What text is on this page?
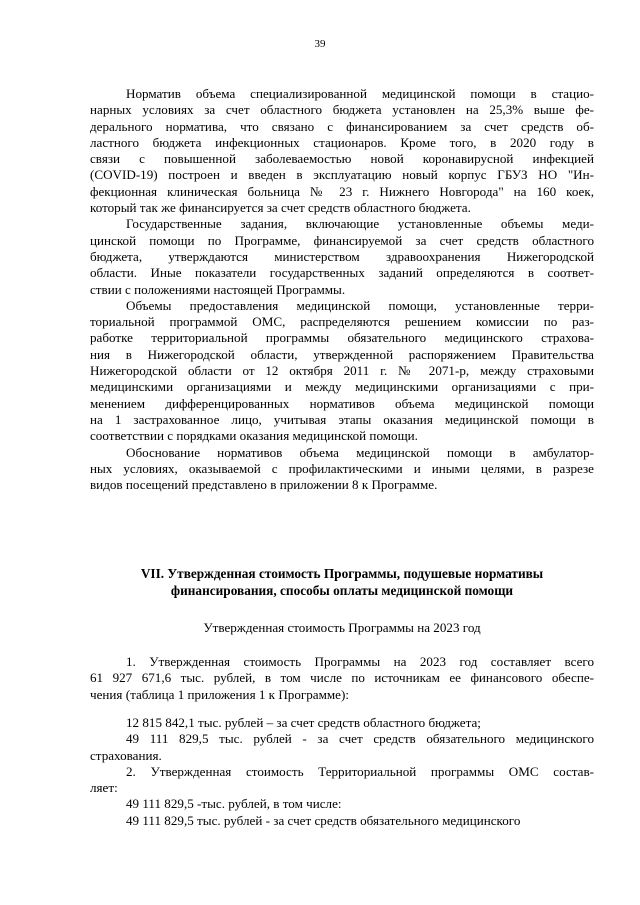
39
Норматив объема специализированной медицинской помощи в стацио-
нарных условиях за счет областного бюджета установлен на 25,3% выше фе-
дерального норматива, что связано с финансированием за счет средств об-
ластного бюджета инфекционных стационаров. Кроме того, в 2020 году в
связи с повышенной заболеваемостью новой коронавирусной инфекцией
(COVID-19) построен и введен в эксплуатацию новый корпус ГБУЗ НО "Ин-
фекционная клиническая больница № 23 г. Нижнего Новгорода" на 160 коек,
который так же финансируется за счет средств областного бюджета.
Государственные задания, включающие установленные объемы меди-
цинской помощи по Программе, финансируемой за счет средств областного
бюджета, утверждаются министерством здравоохранения Нижегородской
области. Иные показатели государственных заданий определяются в соответ-
ствии с положениями настоящей Программы.
Объемы предоставления медицинской помощи, установленные терри-
ториальной программой ОМС, распределяются решением комиссии по раз-
работке территориальной программы обязательного медицинского страхова-
ния в Нижегородской области, утвержденной распоряжением Правительства
Нижегородской области от 12 октября 2011 г. № 2071-р, между страховыми
медицинскими организациями и между медицинскими организациями с при-
менением дифференцированных нормативов объема медицинской помощи
на 1 застрахованное лицо, учитывая этапы оказания медицинской помощи в
соответствии с порядками оказания медицинской помощи.
Обоснование нормативов объема медицинской помощи в амбулатор-
ных условиях, оказываемой с профилактическими и иными целями, в разрезе
видов посещений представлено в приложении 8 к Программе.
VII. Утвержденная стоимость Программы, подушевые нормативы
финансирования, способы оплаты медицинской помощи
Утвержденная стоимость Программы на 2023 год
1. Утвержденная стоимость Программы на 2023 год составляет всего
61 927 671,6 тыс. рублей, в том числе по источникам ее финансового обеспе-
чения (таблица 1 приложения 1 к Программе):
12 815 842,1 тыс. рублей – за счет средств областного бюджета;
49 111 829,5 тыс. рублей - за счет средств обязательного медицинского
страхования.
2. Утвержденная стоимость Территориальной программы ОМС состав-
ляет:
49 111 829,5 -тыс. рублей, в том числе:
49 111 829,5 тыс. рублей - за счет средств обязательного медицинского
